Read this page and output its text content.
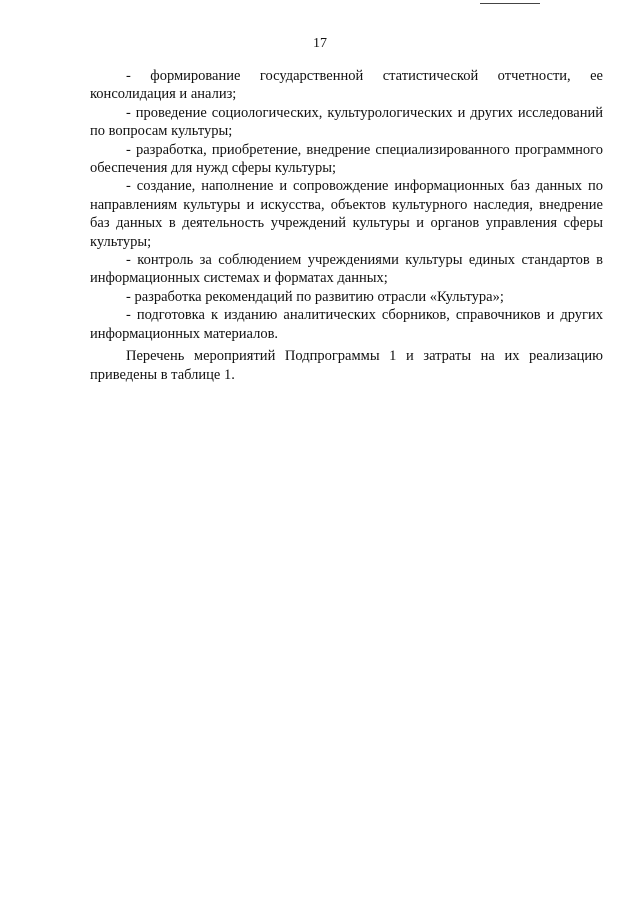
17

- формирование государственной статистической отчетности, ее консолидация и анализ;

- проведение социологических, культурологических и других исследований по вопросам культуры;

- разработка, приобретение, внедрение специализированного программного обеспечения для нужд сферы культуры;

- создание, наполнение и сопровождение информационных баз данных по направлениям культуры и искусства, объектов культурного наследия, внедрение баз данных в деятельность учреждений культуры и органов управления сферы культуры;

- контроль за соблюдением учреждениями культуры единых стандартов в информационных системах и форматах данных;

- разработка рекомендаций по развитию отрасли «Культура»;

- подготовка к изданию аналитических сборников, справочников и других информационных материалов.

Перечень мероприятий Подпрограммы 1 и затраты на их реализацию приведены в таблице 1.
